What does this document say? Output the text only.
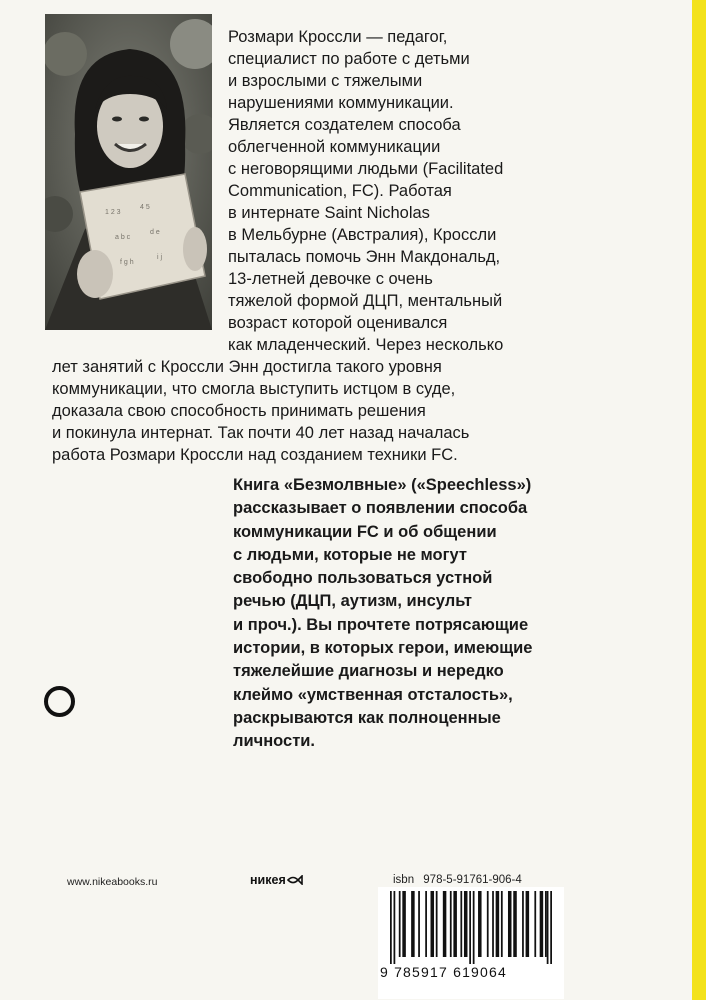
1 2 3
4 5
a b c
d e
f g h
i j
Розмари Кроссли — педагог,
специалист по работе с детьми
и взрослыми с тяжелыми
нарушениями коммуникации.
Является создателем способа
облегченной коммуникации
с неговорящими людьми (Facilitated
Communication, FC). Работая
в интернате Saint Nicholas
в Мельбурне (Австралия), Кроссли
пыталась помочь Энн Макдональд,
13-летней девочке с очень
тяжелой формой ДЦП, ментальный
возраст которой оценивался
как младенческий. Через несколько
лет занятий с Кроссли Энн достигла такого уровня
коммуникации, что смогла выступить истцом в суде,
доказала свою способность принимать решения
и покинула интернат. Так почти 40 лет назад началась
работа Розмари Кроссли над созданием техники FC.
Книга «Безмолвные» («Speechless»)
рассказывает о появлении способа
коммуникации FC и об общении
с людьми, которые не могут
свободно пользоваться устной
речью (ДЦП, аутизм, инсульт
и проч.). Вы прочтете потрясающие
истории, в которых герои, имеющие
тяжелейшие диагнозы и нередко
клеймо «умственная отсталость»,
раскрываются как полноценные
личности.
www.nikeabooks.ru	никея	isbn 978-5-91761-906-4
9 785917 619064
